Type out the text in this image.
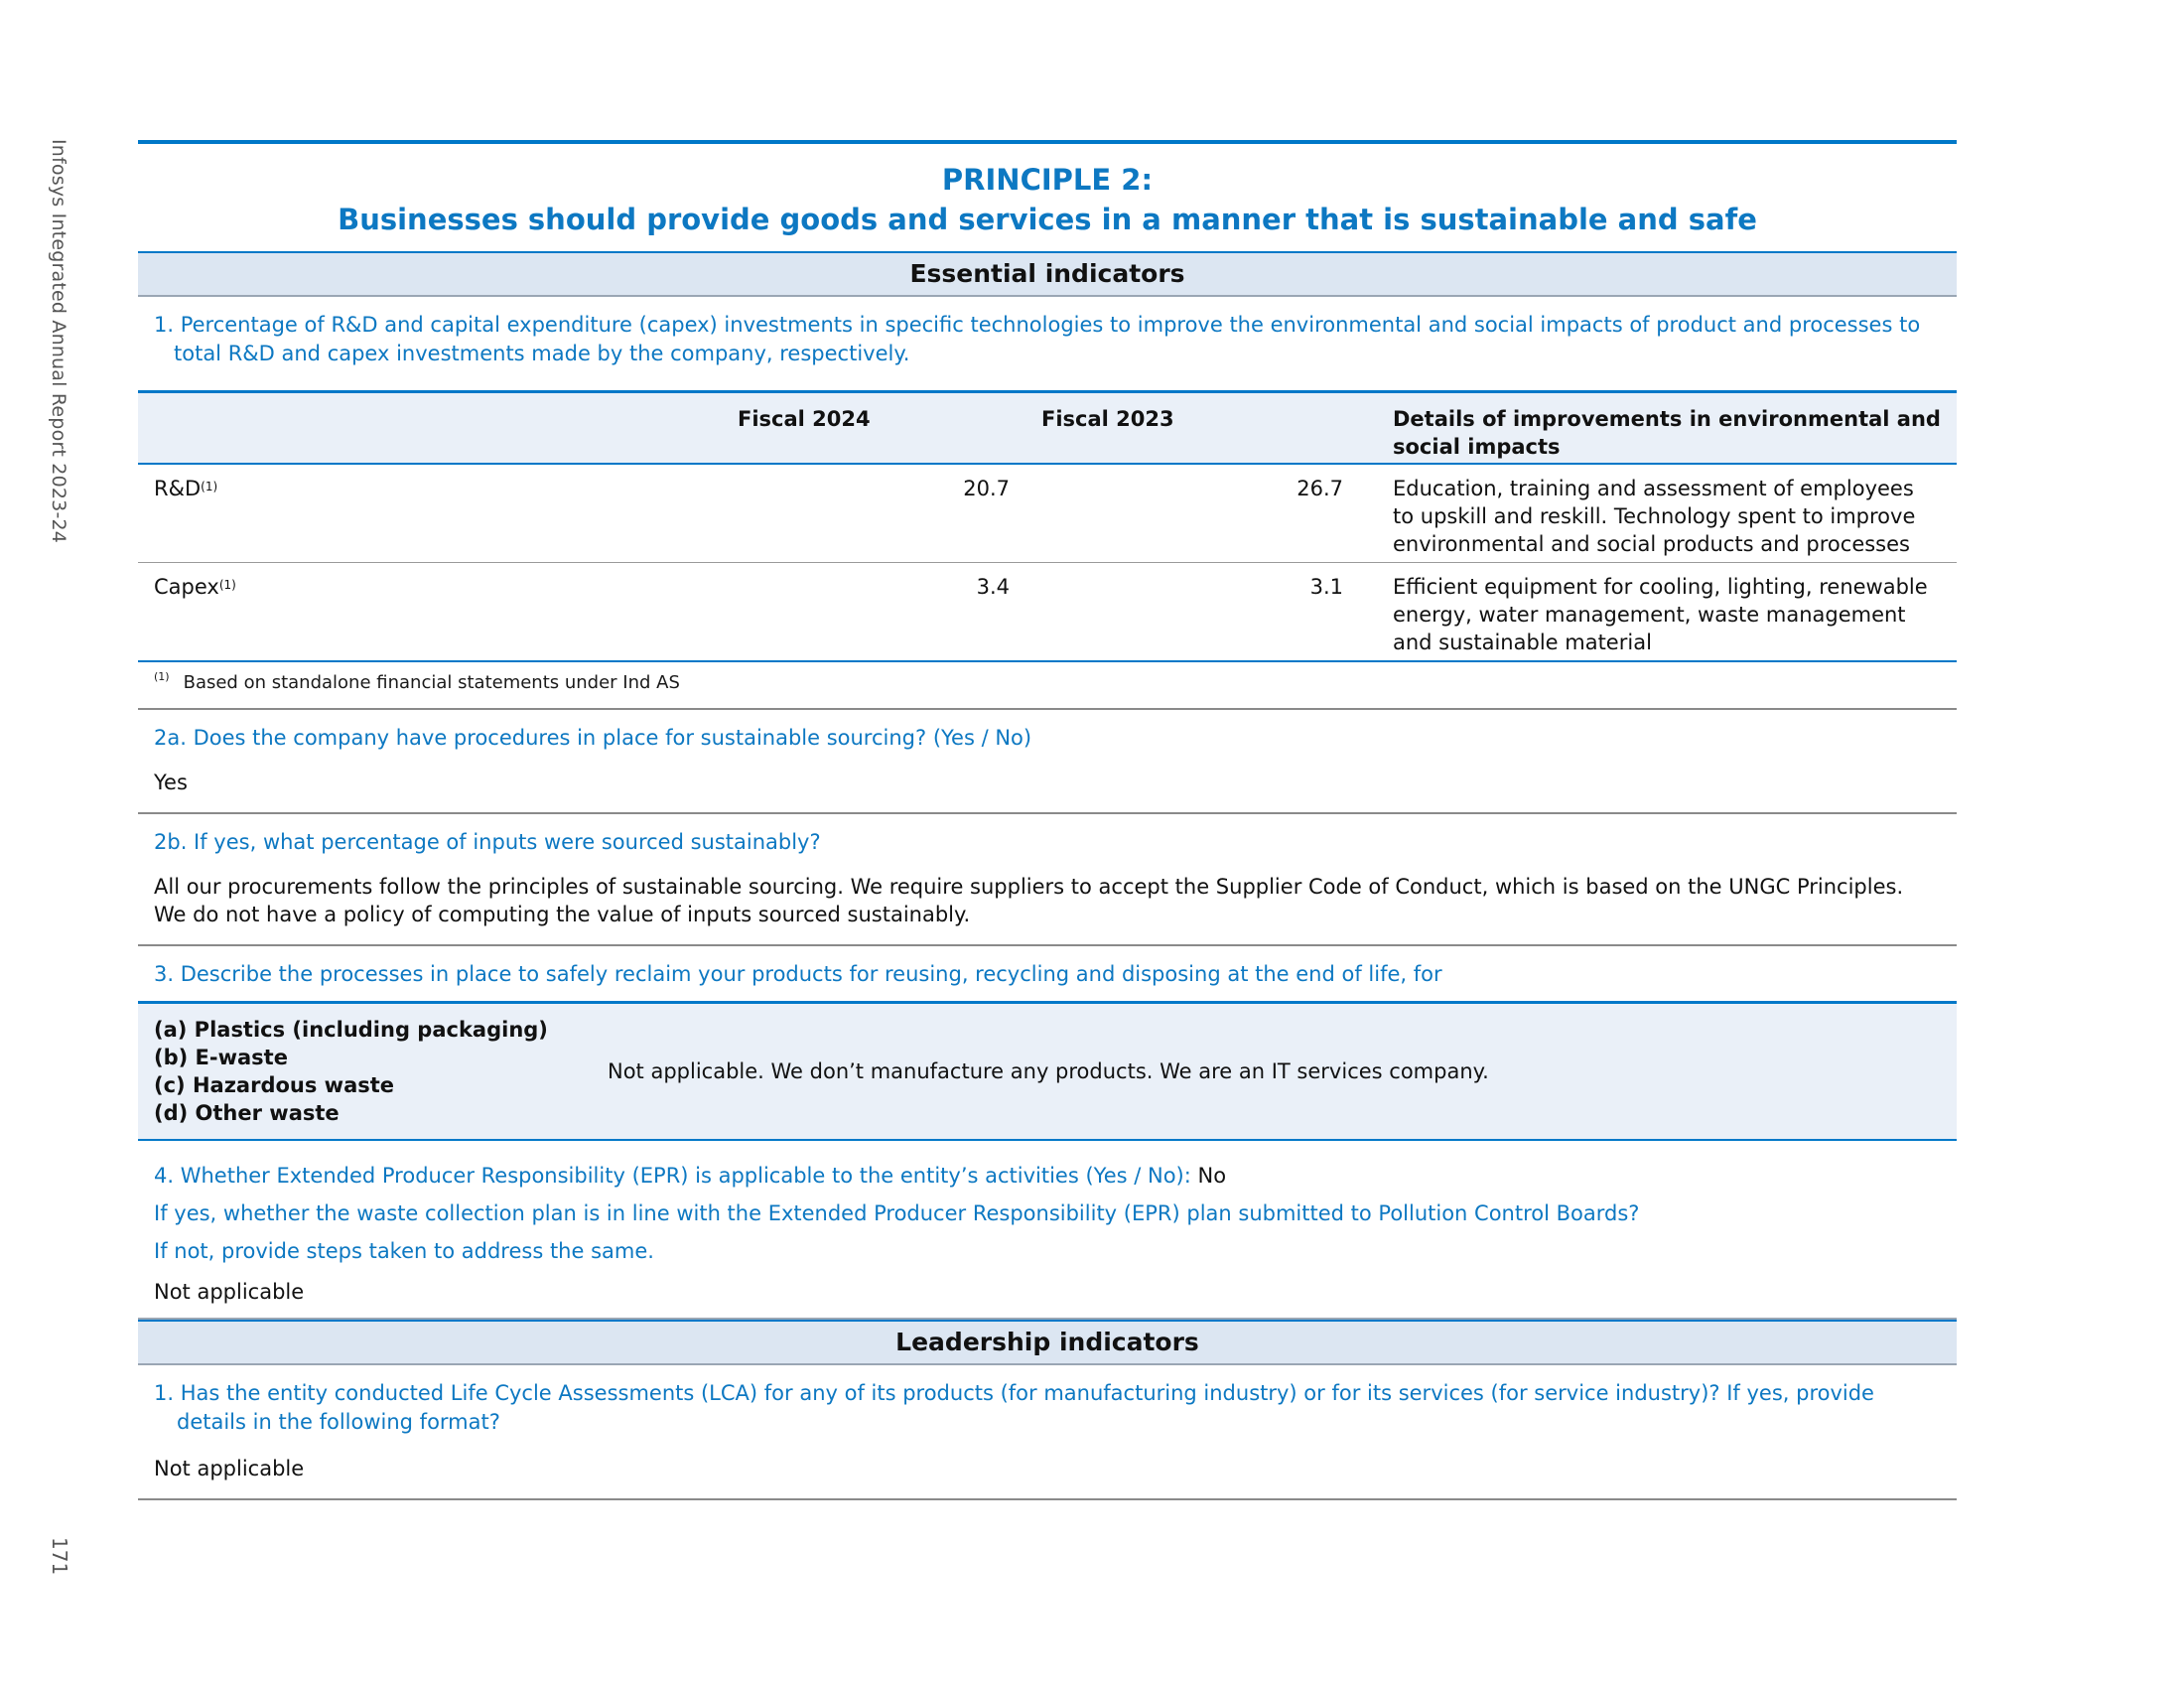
Infosys Integrated Annual Report 2023-24
171
PRINCIPLE 2:
Businesses should provide goods and services in a manner that is sustainable and safe
Essential indicators
1. Percentage of R&D and capital expenditure (capex) investments in specific technologies to improve the environmental and social impacts of product and processes to total R&D and capex investments made by the company, respectively.
	Fiscal 2024	Fiscal 2023	Details of improvements in environmental and social impacts
$R\&D^{(1)}$	20.7	26.7	Education, training and assessment of employees to upskill and reskill. Technology spent to improve environmental and social products and processes
Capex$^{(1)}$	3.4	3.1	Efficient equipment for cooling, lighting, renewable energy, water management, waste management and sustainable material
$^{(1)}$ Based on standalone financial statements under Ind AS
2a. Does the company have procedures in place for sustainable sourcing? (Yes / No)
Yes
2b. If yes, what percentage of inputs were sourced sustainably?
All our procurements follow the principles of sustainable sourcing. We require suppliers to accept the Supplier Code of Conduct, which is based on the UNGC Principles. We do not have a policy of computing the value of inputs sourced sustainably.
3. Describe the processes in place to safely reclaim your products for reusing, recycling and disposing at the end of life, for
(a) Plastics (including packaging)
(b) E-waste
(c) Hazardous waste
(d) Other waste
Not applicable. We don’t manufacture any products. We are an IT services company.
4. Whether Extended Producer Responsibility (EPR) is applicable to the entity’s activities (Yes / No): No
If yes, whether the waste collection plan is in line with the Extended Producer Responsibility (EPR) plan submitted to Pollution Control Boards?
If not, provide steps taken to address the same.
Not applicable
Leadership indicators
1. Has the entity conducted Life Cycle Assessments (LCA) for any of its products (for manufacturing industry) or for its services (for service industry)? If yes, provide details in the following format?
Not applicable
